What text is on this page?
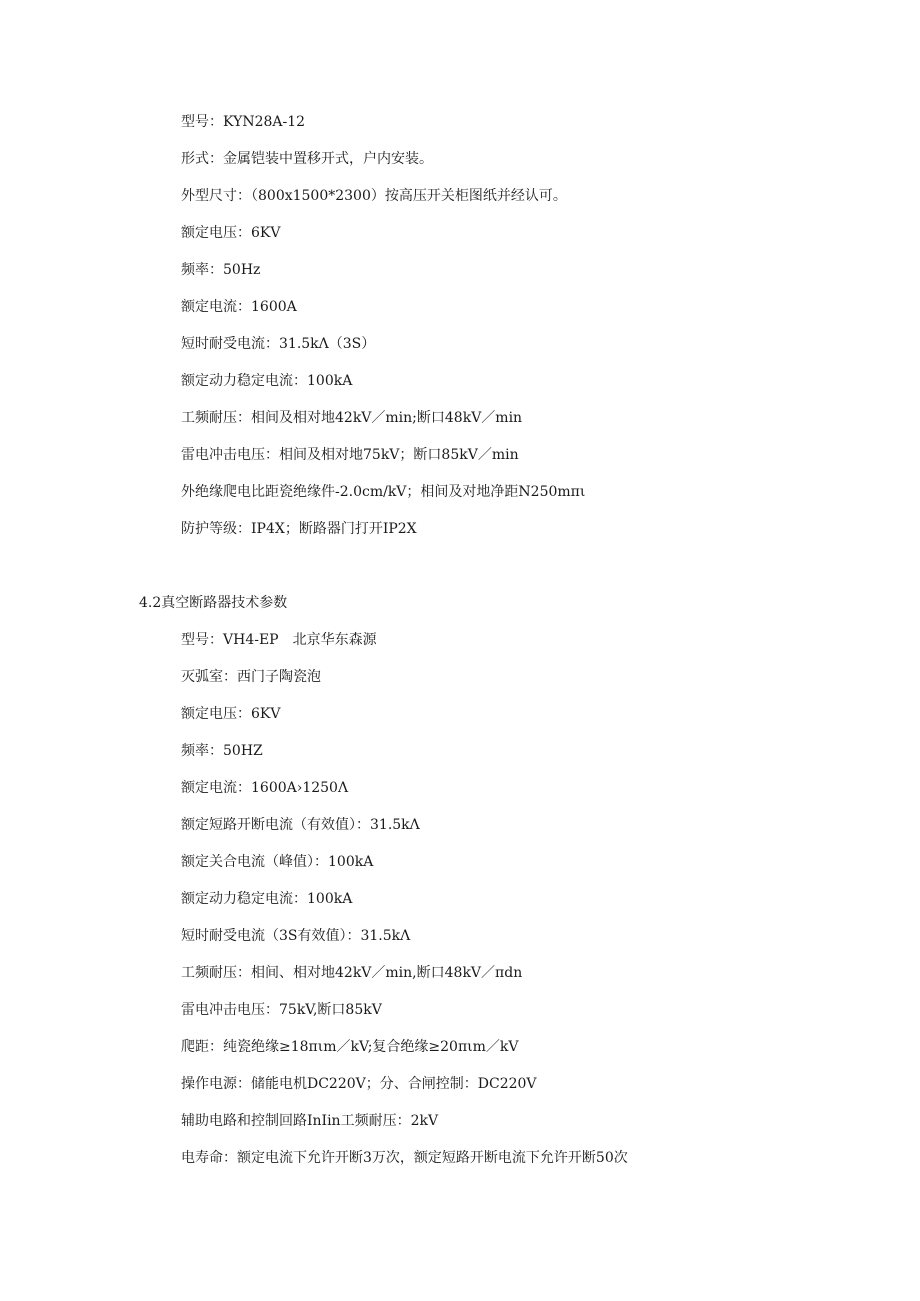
型号：KYN28A-12
形式：金属铠装中置移开式，户内安装。
外型尺寸：（800x1500*2300）按高压开关柜图纸并经认可。
额定电压：6KV
频率：50Hz
额定电流：1600A
短时耐受电流：31.5kΛ（3S）
额定动力稳定电流：100kA
工频耐压：相间及相对地42kV／min;断口48kV／min
雷电冲击电压：相间及相对地75kV；断口85kV／min
外绝缘爬电比距瓷绝缘件-2.0cm/kV；相间及对地净距N250mπι
防护等级：IP4X；断路器门打开IP2X
4.2真空断路器技术参数
型号：VH4-EP　北京华东森源
灭弧室：西门子陶瓷泡
额定电压：6KV
频率：50HZ
额定电流：1600A›1250Λ
额定短路开断电流（有效值）：31.5kΛ
额定关合电流（峰值）：100kA
额定动力稳定电流：100kA
短时耐受电流（3S有效值）：31.5kΛ
工频耐压：相间、相对地42kV／min,断口48kV／πdn
雷电冲击电压：75kV,断口85kV
爬距：纯瓷绝缘≥18πιm／kV;复合绝缘≥20πιm／kV
操作电源：储能电机DC220V；分、合闸控制：DC220V
辅助电路和控制回路InIin工频耐压：2kV
电寿命：额定电流下允许开断3万次，额定短路开断电流下允许开断50次
